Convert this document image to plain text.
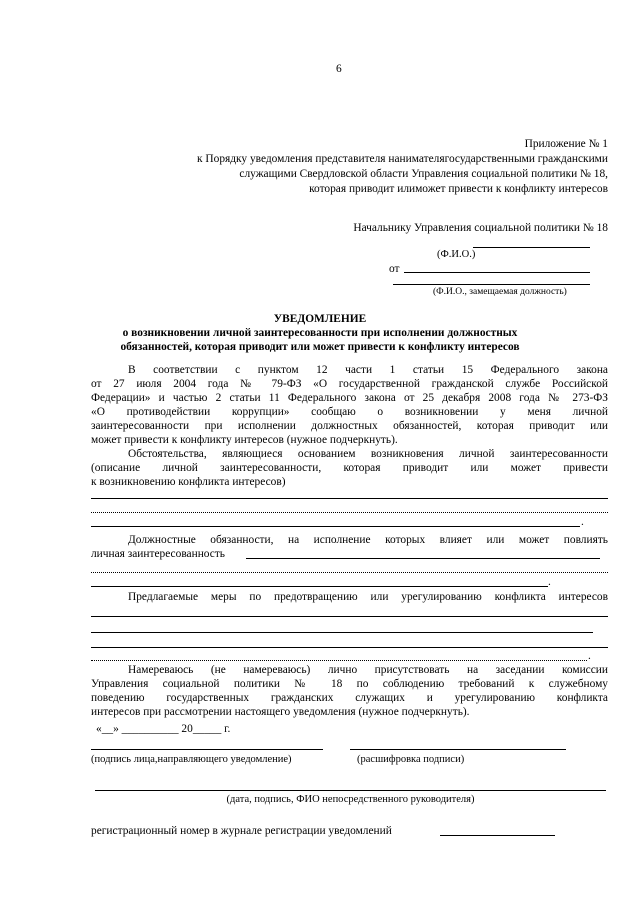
6
Приложение № 1
к Порядку уведомления представителя нанимателягосударственными гражданскими
служащими Свердловской области Управления социальной политики № 18,
которая приводит илиможет привести к конфликту интересов
Начальнику Управления социальной политики № 18
(Ф.И.О.)
от
(Ф.И.О., замещаемая должность)
УВЕДОМЛЕНИЕ
о возникновении личной заинтересованности при исполнении должностных
обязанностей, которая приводит или может привести к конфликту интересов
В соответствии с пунктом 12 части 1 статьи 15 Федерального закона
от 27 июля 2004 года № 79-ФЗ «О государственной гражданской службе Российской
Федерации» и частью 2 статьи 11 Федерального закона от 25 декабря 2008 года № 273-ФЗ
«О противодействии коррупции» сообщаю о возникновении у меня личной
заинтересованности при исполнении должностных обязанностей, которая приводит или
может привести к конфликту интересов (нужное подчеркнуть).
Обстоятельства, являющиеся основанием возникновения личной заинтересованности
(описание личной заинтересованности, которая приводит или может привести
к возникновению конфликта интересов)
.
Должностные обязанности, на исполнение которых влияет или может повлиять
личная заинтересованность
.
Предлагаемые меры по предотвращению или урегулированию конфликта интересов
.
Намереваюсь (не намереваюсь) лично присутствовать на заседании комиссии
Управления социальной политики № 18 по соблюдению требований к служебному
поведению государственных гражданских служащих и урегулированию конфликта
интересов при рассмотрении настоящего уведомления (нужное подчеркнуть).
«__» __________ 20_____ г.
(подпись лица,направляющего уведомление)	(расшифровка подписи)
(дата, подпись, ФИО непосредственного руководителя)
регистрационный номер в журнале регистрации уведомлений
